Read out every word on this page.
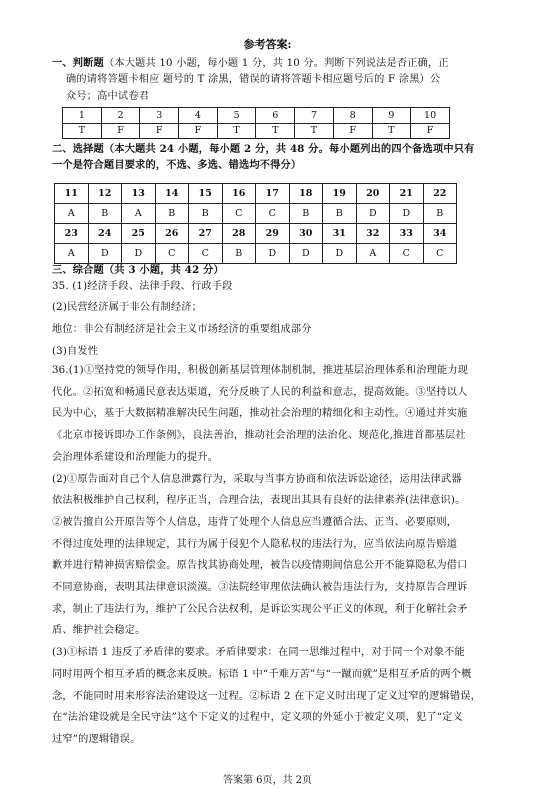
参考答案:
一、判断题（本大题共 10 小题，每小题 1 分，共 10 分。判断下列说法是否正确，正
确的请将答题卡相应 题号的 T 涂黑，错误的请将答题卡相应题号后的 F 涂黑）公
众号；高中试卷君
1	2	3	4	5	6	7	8	9	10
T	F	F	F	T	T	T	F	T	F
二、选择题（本大题共 24 小题，每小题 2 分，共 48 分。每小题列出的四个备选项中只有
一个是符合题目要求的，不选、多选、错选均不得分）
11	12	13	14	15	16	17	18	19	20	21	22
A	B	A	B	B	C	C	B	B	D	D	B
23	24	25	26	27	28	29	30	31	32	33	34
A	D	D	C	C	B	D	D	D	A	C	C
三、综合题（共 3 小题，共 42 分）
35. (1)经济手段、法律手段、行政手段
(2)民营经济属于非公有制经济；
地位：非公有制经济是社会主义市场经济的重要组成部分
(3)自发性
36.(1)①坚持党的领导作用，积极创新基层管理体制机制，推进基层治理体系和治理能力现
代化。②拓宽和畅通民意表达渠道，充分反映了人民的利益和意志，提高效能。③坚持以人
民为中心，基于大数据精准解决民生问题，推动社会治理的精细化和主动性。④通过并实施
《北京市接诉即办工作条例》，良法善治，推动社会治理的法治化、规范化,推进首都基层社
会治理体系建设和治理能力的提升。
(2)①原告面对自己个人信息泄露行为，采取与当事方协商和依法诉讼途径，运用法律武器
依法积极维护自己权利，程序正当，合理合法，表现出其具有良好的法律素养(法律意识)。
②被告擅自公开原告等个人信息，违背了处理个人信息应当遵循合法、正当、必要原则，
不得过度处理的法律规定，其行为属于侵犯个人隐私权的违法行为，应当依法向原告赔道
歉并进行精神损害赔偿金。原告找其协商处理，被告以疫情期间信息公开不能算隐私为借口
不同意协商，表明其法律意识淡漠。③法院经审理依法确认被告违法行为，支持原告合理诉
求，制止了违法行为，维护了公民合法权利，是诉讼实现公平正义的体现，利于化解社会矛
盾、维护社会稳定。
(3)①标语 1 违反了矛盾律的要求。矛盾律要求：在同一思维过程中，对于同一个对象不能
同时用两个相互矛盾的概念来反映。标语 1 中“千难万苦”与“一蹴而就”是相互矛盾的两个概
念，不能同时用来形容法治建设这一过程。②标语 2 在下定义时出现了定义过窄的逻辑错误，
在“法治建设就是全民守法”这个下定义的过程中，定义项的外延小于被定义项，犯了“定义
过窄”的逻辑错误。
答案第 6页，共 2页
